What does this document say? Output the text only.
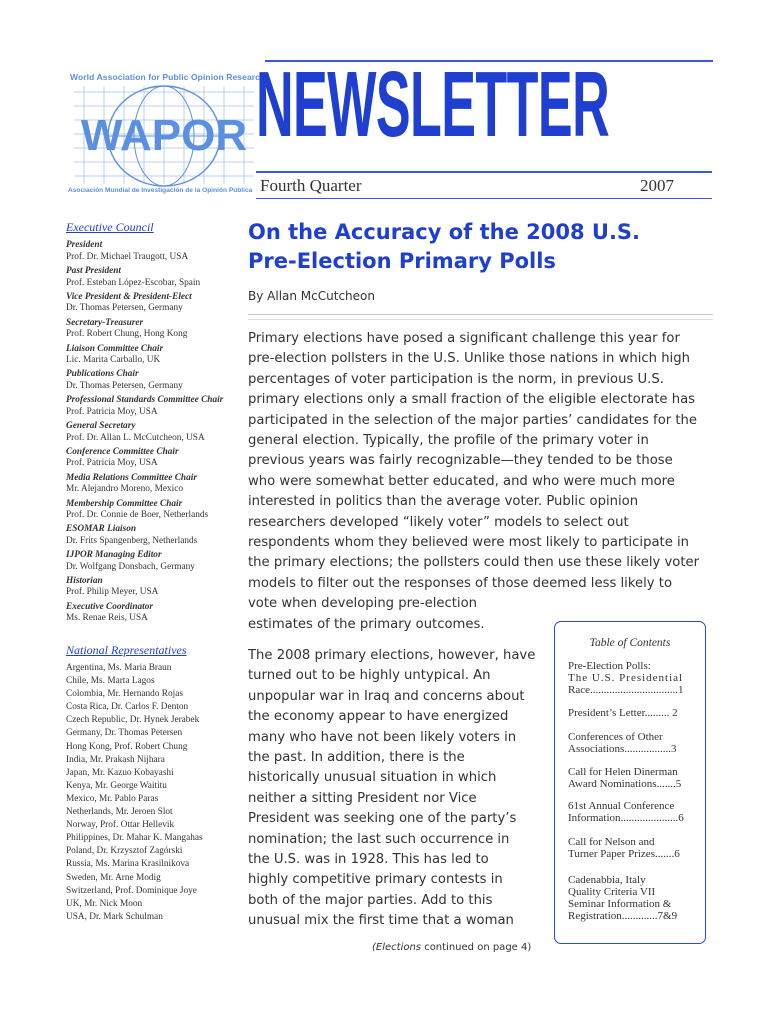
WAPOR
World Association for Public Opinion Research
Asociación Mundial de Investigación de la Opinión Pública
NEWSLETTER
Fourth Quarter	2007
Executive Council
President
Prof. Dr. Michael Traugott, USA
Past President
Prof. Esteban López-Escobar, Spain
Vice President & President-Elect
Dr. Thomas Petersen, Germany
Secretary-Treasurer
Prof. Robert Chung, Hong Kong
Liaison Committee Chair
Lic. Marita Carballo, UK
Publications Chair
Dr. Thomas Petersen, Germany
Professional Standards Committee Chair
Prof. Patricia Moy, USA
General Secretary
Prof. Dr. Allan L. McCutcheon, USA
Conference Committee Chair
Prof. Patricia Moy, USA
Media Relations Committee Chair
Mr. Alejandro Moreno, Mexico
Membership Committee Chair
Prof. Dr. Connie de Boer, Netherlands
ESOMAR Liaison
Dr. Frits Spangenberg, Netherlands
IJPOR Managing Editor
Dr. Wolfgang Donsbach, Germany
Historian
Prof. Philip Meyer, USA
Executive Coordinator
Ms. Renae Reis, USA
National Representatives
Argentina, Ms. Maria Braun
Chile, Ms. Marta Lagos
Colombia, Mr. Hernando Rojas
Costa Rica, Dr. Carlos F. Denton
Czech Republic, Dr. Hynek Jerabek
Germany, Dr. Thomas Petersen
Hong Kong, Prof. Robert Chung
India, Mr. Prakash Nijhara
Japan, Mr. Kazuo Kobayashi
Kenya, Mr. George Waititu
Mexico, Mr. Pablo Paras
Netherlands, Mr. Jeroen Slot
Norway, Prof. Ottar Hellevik
Philippines, Dr. Mahar K. Mangahas
Poland, Dr. Krzysztof Zagórski
Russia, Ms. Marina Krasilnikova
Sweden, Mr. Arne Modig
Switzerland, Prof. Dominique Joye
UK, Mr. Nick Moon
USA, Dr. Mark Schulman
On the Accuracy of the 2008 U.S.
Pre-Election Primary Polls
By Allan McCutcheon
Primary elections have posed a significant challenge this year for
pre-election pollsters in the U.S. Unlike those nations in which high
percentages of voter participation is the norm, in previous U.S.
primary elections only a small fraction of the eligible electorate has
participated in the selection of the major parties’ candidates for the
general election. Typically, the profile of the primary voter in
previous years was fairly recognizable—they tended to be those
who were somewhat better educated, and who were much more
interested in politics than the average voter. Public opinion
researchers developed “likely voter” models to select out
respondents whom they believed were most likely to participate in
the primary elections; the pollsters could then use these likely voter
models to filter out the responses of those deemed less likely to
vote when developing pre-election
estimates of the primary outcomes.
The 2008 primary elections, however, have
turned out to be highly untypical. An
unpopular war in Iraq and concerns about
the economy appear to have energized
many who have not been likely voters in
the past. In addition, there is the
historically unusual situation in which
neither a sitting President nor Vice
President was seeking one of the party’s
nomination; the last such occurrence in
the U.S. was in 1928. This has led to
highly competitive primary contests in
both of the major parties. Add to this
unusual mix the first time that a woman
(Elections continued on page 4)
Table of Contents
Pre-Election Polls:
The U.S. Presidential
Race................................1
President’s Letter......... 2
Conferences of Other
Associations.................3
Call for Helen Dinerman
Award Nominations.......5
61st Annual Conference
Information.....................6
Call for Nelson and
Turner Paper Prizes.......6
Cadenabbia, Italy
Quality Criteria VII
Seminar Information &
Registration.............7&9
